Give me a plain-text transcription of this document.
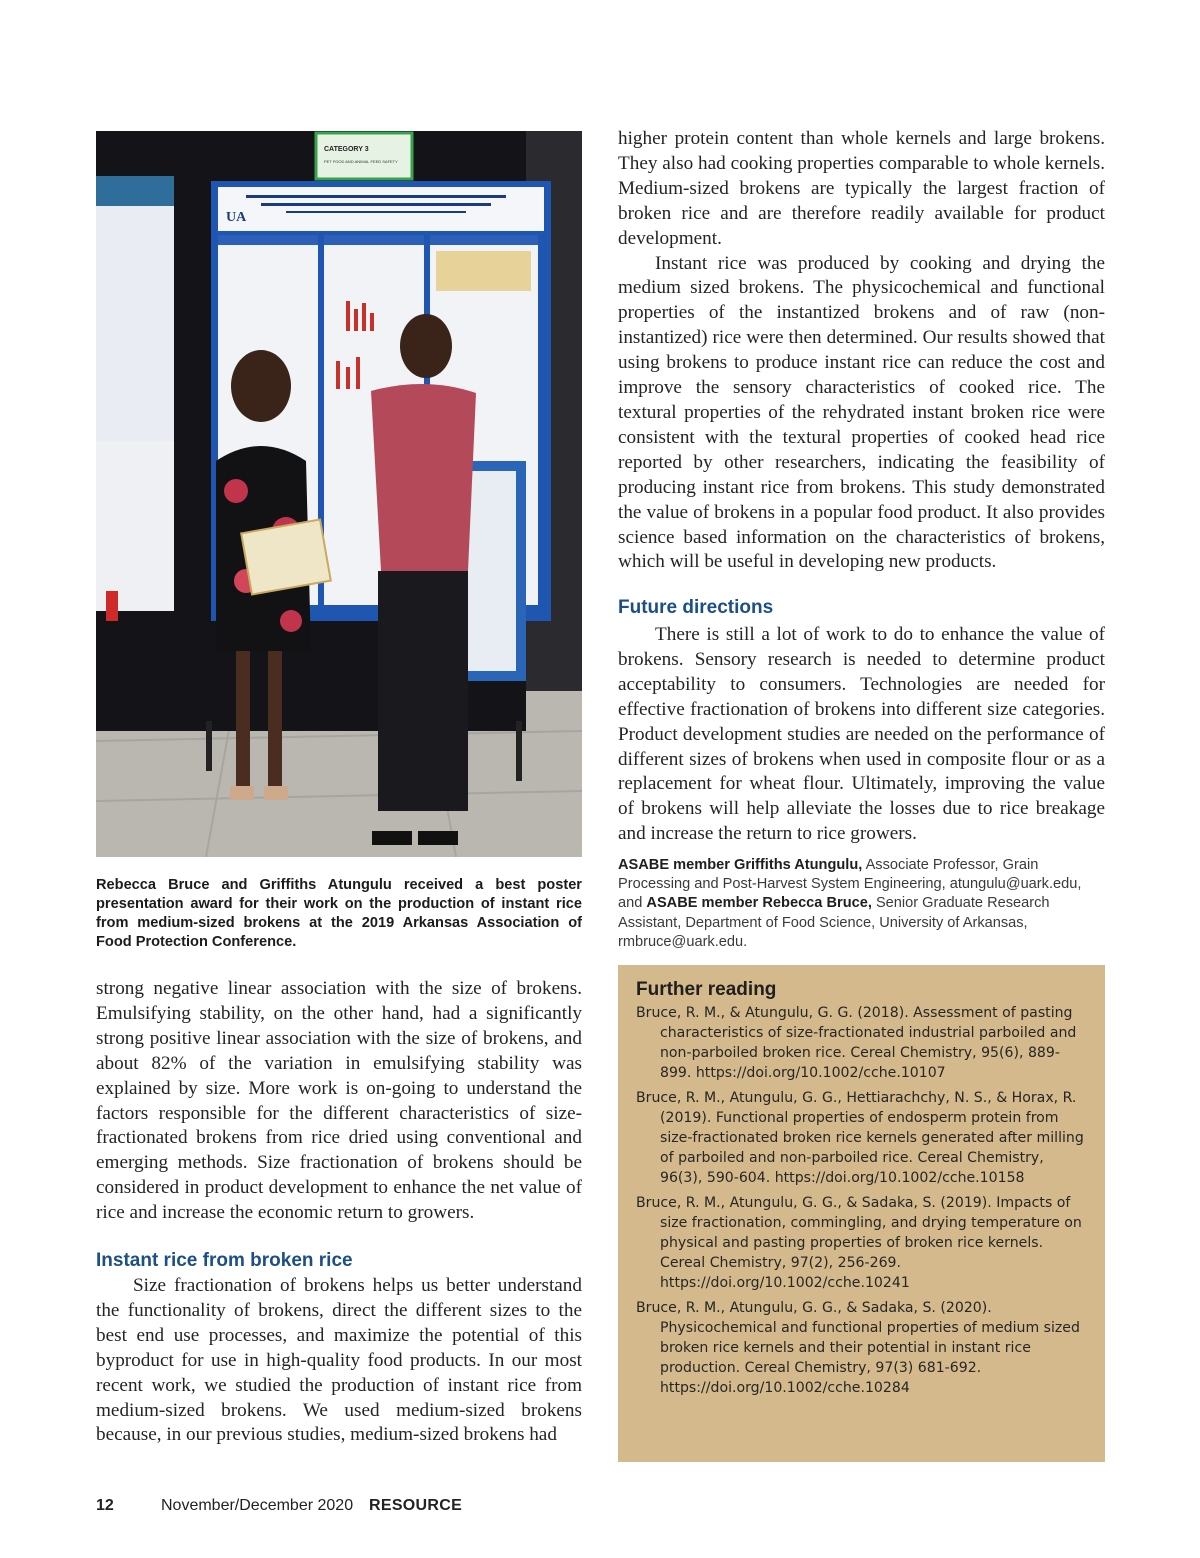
CATEGORY 3
PET FOOD AND ANIMAL FEED SAFETY
UA

Rebecca Bruce and Griffiths Atungulu received a best poster presentation award for their work on the production of instant rice from medium-sized brokens at the 2019 Arkansas Association of Food Protection Conference.

strong negative linear association with the size of brokens. Emulsifying stability, on the other hand, had a significantly strong positive linear association with the size of brokens, and about 82% of the variation in emulsifying stability was explained by size. More work is on-going to understand the factors responsible for the different characteristics of size-fractionated brokens from rice dried using conventional and emerging methods. Size fractionation of brokens should be considered in product development to enhance the net value of rice and increase the economic return to growers.

Instant rice from broken rice

Size fractionation of brokens helps us better understand the functionality of brokens, direct the different sizes to the best end use processes, and maximize the potential of this byproduct for use in high-quality food products. In our most recent work, we studied the production of instant rice from medium-sized brokens. We used medium-sized brokens because, in our previous studies, medium-sized brokens had

higher protein content than whole kernels and large brokens. They also had cooking properties comparable to whole kernels. Medium-sized brokens are typically the largest fraction of broken rice and are therefore readily available for product development.

Instant rice was produced by cooking and drying the medium sized brokens. The physicochemical and functional properties of the instantized brokens and of raw (non-instantized) rice were then determined. Our results showed that using brokens to produce instant rice can reduce the cost and improve the sensory characteristics of cooked rice. The textural properties of the rehydrated instant broken rice were consistent with the textural properties of cooked head rice reported by other researchers, indicating the feasibility of producing instant rice from brokens. This study demonstrated the value of brokens in a popular food product. It also provides science based information on the characteristics of brokens, which will be useful in developing new products.

Future directions

There is still a lot of work to do to enhance the value of brokens. Sensory research is needed to determine product acceptability to consumers. Technologies are needed for effective fractionation of brokens into different size categories. Product development studies are needed on the performance of different sizes of brokens when used in composite flour or as a replacement for wheat flour. Ultimately, improving the value of brokens will help alleviate the losses due to rice breakage and increase the return to rice growers.

ASABE member Griffiths Atungulu, Associate Professor, Grain Processing and Post-Harvest System Engineering, atungulu@uark.edu, and ASABE member Rebecca Bruce, Senior Graduate Research Assistant, Department of Food Science, University of Arkansas, rmbruce@uark.edu.

Further reading

Bruce, R. M., & Atungulu, G. G. (2018). Assessment of pasting characteristics of size-fractionated industrial parboiled and non-parboiled broken rice. Cereal Chemistry, 95(6), 889-899. https://doi.org/10.1002/cche.10107

Bruce, R. M., Atungulu, G. G., Hettiarachchy, N. S., & Horax, R. (2019). Functional properties of endosperm protein from size-fractionated broken rice kernels generated after milling of parboiled and non-parboiled rice. Cereal Chemistry, 96(3), 590-604. https://doi.org/10.1002/cche.10158

Bruce, R. M., Atungulu, G. G., & Sadaka, S. (2019). Impacts of size fractionation, commingling, and drying temperature on physical and pasting properties of broken rice kernels. Cereal Chemistry, 97(2), 256-269. https://doi.org/10.1002/cche.10241

Bruce, R. M., Atungulu, G. G., & Sadaka, S. (2020). Physicochemical and functional properties of medium sized broken rice kernels and their potential in instant rice production. Cereal Chemistry, 97(3) 681-692. https://doi.org/10.1002/cche.10284

12	November/December 2020 RESOURCE
